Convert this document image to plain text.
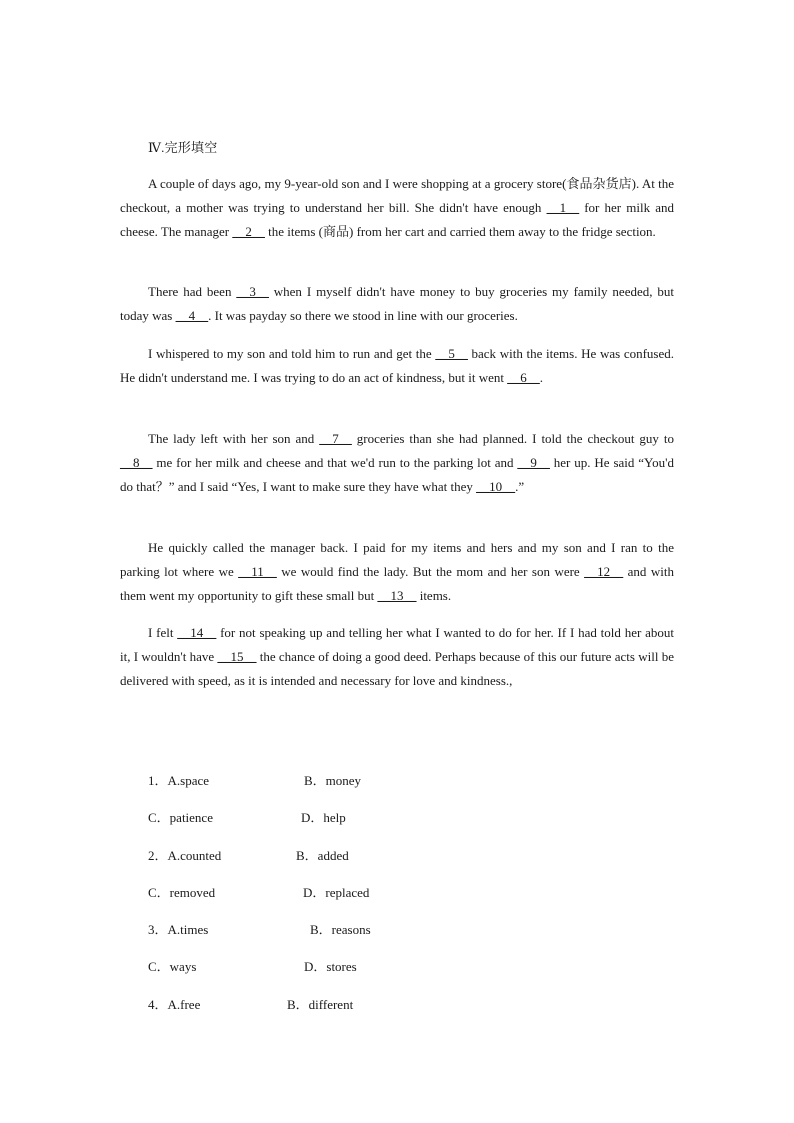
Ⅳ.完形填空

A couple of days ago, my 9-year-old son and I were shopping at a grocery store(食品杂货店). At the checkout, a mother was trying to understand her bill. She didn't have enough __1__ for her milk and cheese. The manager __2__ the items (商品) from her cart and carried them away to the fridge section.

There had been __3__ when I myself didn't have money to buy groceries my family needed, but today was __4__. It was payday so there we stood in line with our groceries.

I whispered to my son and told him to run and get the __5__ back with the items. He was confused. He didn't understand me. I was trying to do an act of kindness, but it went __6__.

The lady left with her son and __7__ groceries than she had planned. I told the checkout guy to __8__ me for her milk and cheese and that we'd run to the parking lot and __9__ her up. He said “You'd do that？” and I said “Yes, I want to make sure they have what they __10__.”

He quickly called the manager back. I paid for my items and hers and my son and I ran to the parking lot where we __11__ we would find the lady. But the mom and her son were __12__ and with them went my opportunity to gift these small but __13__ items.

I felt __14__ for not speaking up and telling her what I wanted to do for her. If I had told her about it, I wouldn't have __15__ the chance of doing a good deed. Perhaps because of this our future acts will be delivered with speed, as it is intended and necessary for love and kindness.,

1．A.space	B．money
C．patience	D．help
2．A.counted	B．added
C．removed	D．replaced
3．A.times	B．reasons
C．ways	D．stores
4．A.free	B．different
